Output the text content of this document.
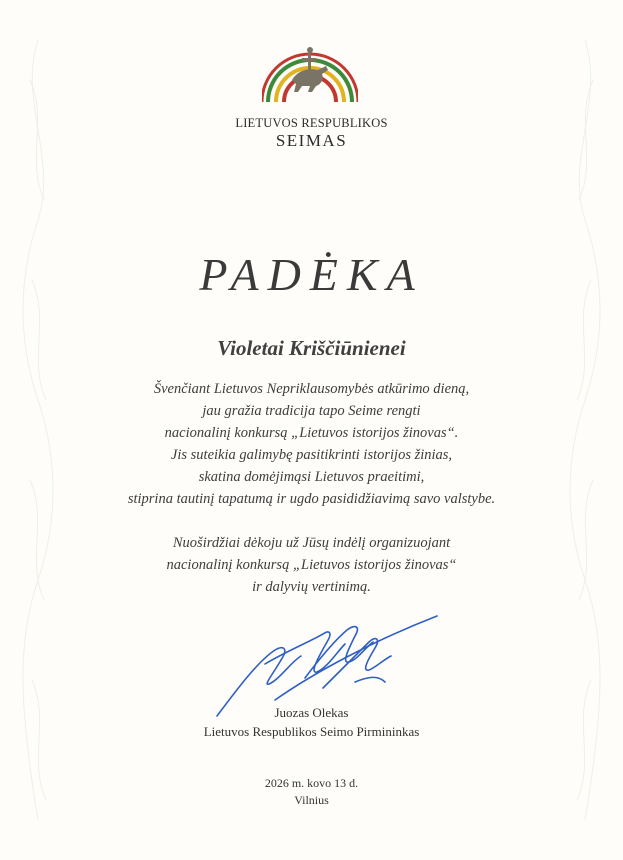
LIETUVOS RESPUBLIKOS
SEIMAS
PADĖKA
Violetai Kriščiūnienei
Švenčiant Lietuvos Nepriklausomybės atkūrimo dieną,
jau gražia tradicija tapo Seime rengti
nacionalinį konkursą „Lietuvos istorijos žinovas“.
Jis suteikia galimybę pasitikrinti istorijos žinias,
skatina domėjimąsi Lietuvos praeitimi,
stiprina tautinį tapatumą ir ugdo pasididžiavimą savo valstybe.
Nuoširdžiai dėkoju už Jūsų indėlį organizuojant
nacionalinį konkursą „Lietuvos istorijos žinovas“
ir dalyvių vertinimą.
Juozas Olekas
Lietuvos Respublikos Seimo Pirmininkas
2026 m. kovo 13 d.
Vilnius
